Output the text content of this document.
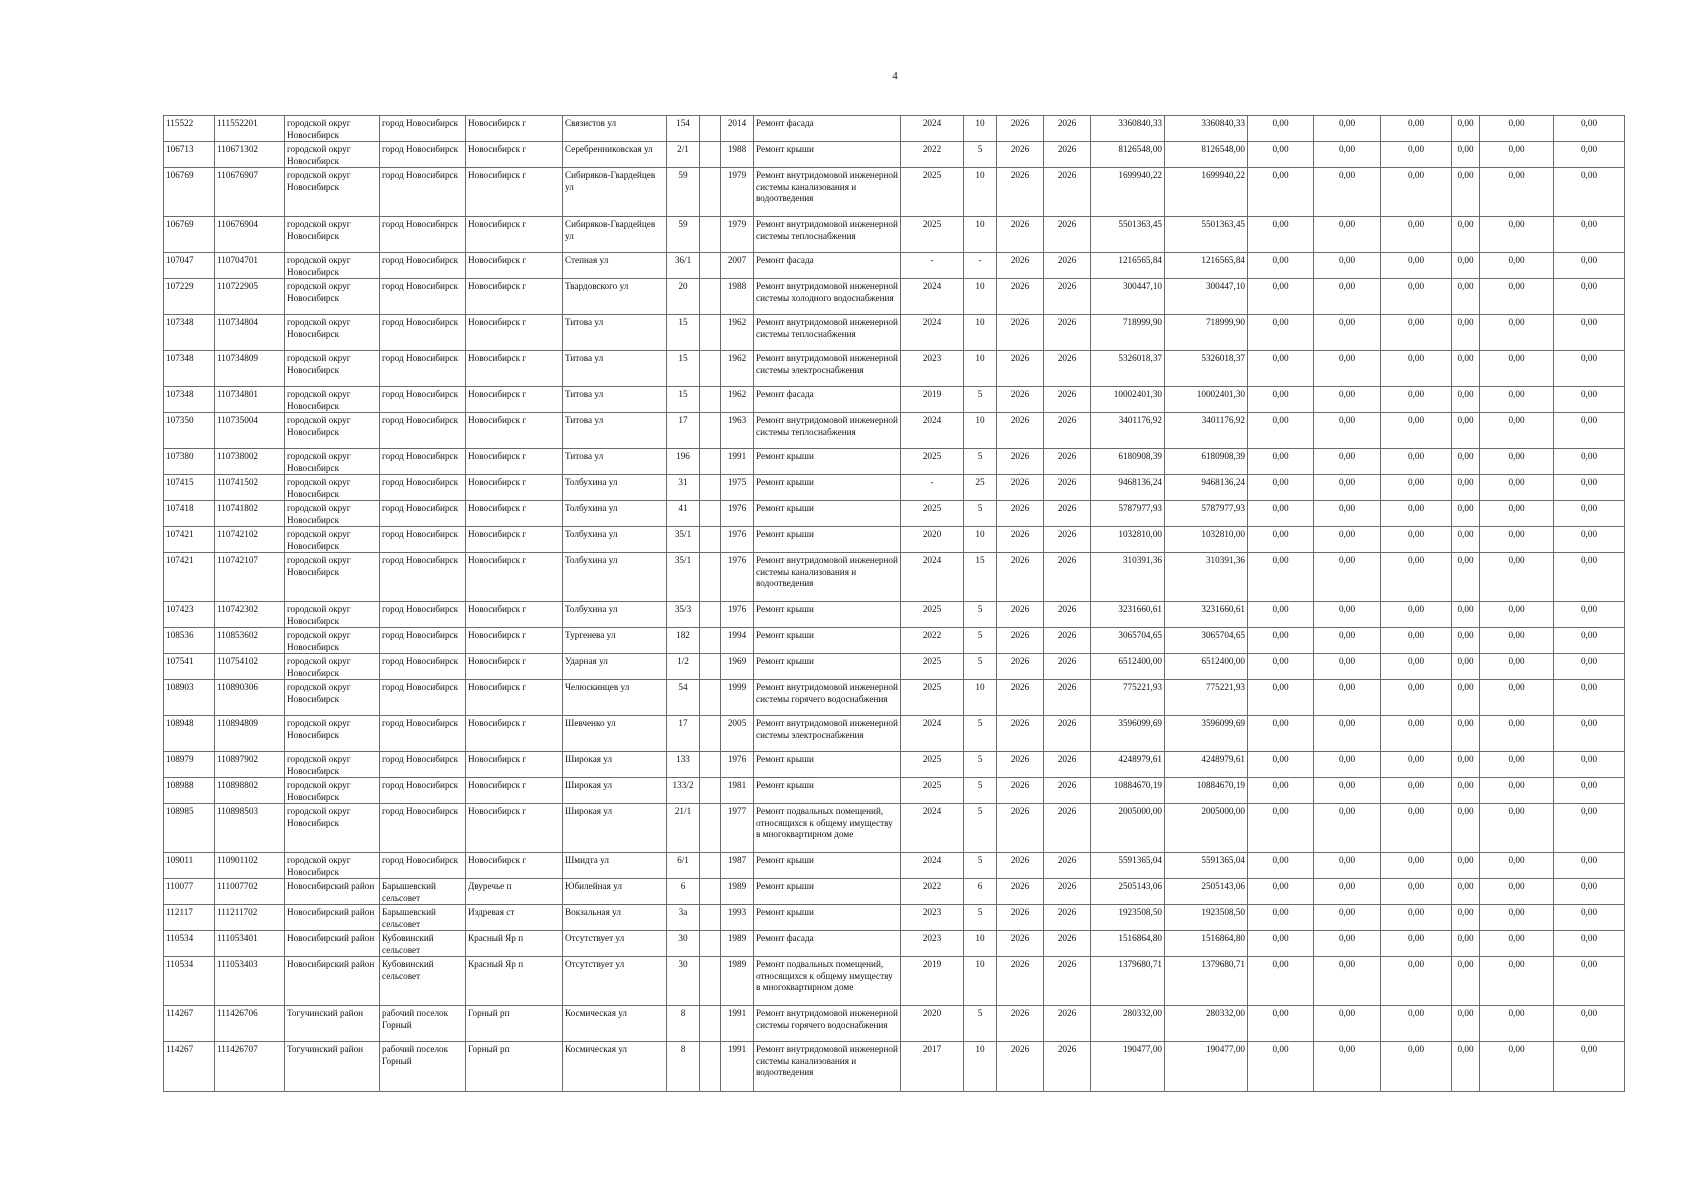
4
115522	111552201	городской округ Новосибирск	город Новосибирск	Новосибирск г	Связистов ул	154		2014	Ремонт фасада	2024	10	2026	2026	3360840,33	3360840,33	0,00	0,00	0,00	0,00	0,00	0,00
106713	110671302	городской округ Новосибирск	город Новосибирск	Новосибирск г	Серебренниковская ул	2/1		1988	Ремонт крыши	2022	5	2026	2026	8126548,00	8126548,00	0,00	0,00	0,00	0,00	0,00	0,00
106769	110676907	городской округ Новосибирск	город Новосибирск	Новосибирск г	Сибиряков-Гвардейцев ул	59		1979	Ремонт внутридомовой инженерной системы канализования и водоотведения	2025	10	2026	2026	1699940,22	1699940,22	0,00	0,00	0,00	0,00	0,00	0,00
106769	110676904	городской округ Новосибирск	город Новосибирск	Новосибирск г	Сибиряков-Гвардейцев ул	59		1979	Ремонт внутридомовой инженерной системы теплоснабжения	2025	10	2026	2026	5501363,45	5501363,45	0,00	0,00	0,00	0,00	0,00	0,00
107047	110704701	городской округ Новосибирск	город Новосибирск	Новосибирск г	Степная ул	36/1		2007	Ремонт фасада	-	-	2026	2026	1216565,84	1216565,84	0,00	0,00	0,00	0,00	0,00	0,00
107229	110722905	городской округ Новосибирск	город Новосибирск	Новосибирск г	Твардовского ул	20		1988	Ремонт внутридомовой инженерной системы холодного водоснабжения	2024	10	2026	2026	300447,10	300447,10	0,00	0,00	0,00	0,00	0,00	0,00
107348	110734804	городской округ Новосибирск	город Новосибирск	Новосибирск г	Титова ул	15		1962	Ремонт внутридомовой инженерной системы теплоснабжения	2024	10	2026	2026	718999,90	718999,90	0,00	0,00	0,00	0,00	0,00	0,00
107348	110734809	городской округ Новосибирск	город Новосибирск	Новосибирск г	Титова ул	15		1962	Ремонт внутридомовой инженерной системы электроснабжения	2023	10	2026	2026	5326018,37	5326018,37	0,00	0,00	0,00	0,00	0,00	0,00
107348	110734801	городской округ Новосибирск	город Новосибирск	Новосибирск г	Титова ул	15		1962	Ремонт фасада	2019	5	2026	2026	10002401,30	10002401,30	0,00	0,00	0,00	0,00	0,00	0,00
107350	110735004	городской округ Новосибирск	город Новосибирск	Новосибирск г	Титова ул	17		1963	Ремонт внутридомовой инженерной системы теплоснабжения	2024	10	2026	2026	3401176,92	3401176,92	0,00	0,00	0,00	0,00	0,00	0,00
107380	110738002	городской округ Новосибирск	город Новосибирск	Новосибирск г	Титова ул	196		1991	Ремонт крыши	2025	5	2026	2026	6180908,39	6180908,39	0,00	0,00	0,00	0,00	0,00	0,00
107415	110741502	городской округ Новосибирск	город Новосибирск	Новосибирск г	Толбухина ул	31		1975	Ремонт крыши	-	25	2026	2026	9468136,24	9468136,24	0,00	0,00	0,00	0,00	0,00	0,00
107418	110741802	городской округ Новосибирск	город Новосибирск	Новосибирск г	Толбухина ул	41		1976	Ремонт крыши	2025	5	2026	2026	5787977,93	5787977,93	0,00	0,00	0,00	0,00	0,00	0,00
107421	110742102	городской округ Новосибирск	город Новосибирск	Новосибирск г	Толбухина ул	35/1		1976	Ремонт крыши	2020	10	2026	2026	1032810,00	1032810,00	0,00	0,00	0,00	0,00	0,00	0,00
107421	110742107	городской округ Новосибирск	город Новосибирск	Новосибирск г	Толбухина ул	35/1		1976	Ремонт внутридомовой инженерной системы канализования и водоотведения	2024	15	2026	2026	310391,36	310391,36	0,00	0,00	0,00	0,00	0,00	0,00
107423	110742302	городской округ Новосибирск	город Новосибирск	Новосибирск г	Толбухина ул	35/3		1976	Ремонт крыши	2025	5	2026	2026	3231660,61	3231660,61	0,00	0,00	0,00	0,00	0,00	0,00
108536	110853602	городской округ Новосибирск	город Новосибирск	Новосибирск г	Тургенева ул	182		1994	Ремонт крыши	2022	5	2026	2026	3065704,65	3065704,65	0,00	0,00	0,00	0,00	0,00	0,00
107541	110754102	городской округ Новосибирск	город Новосибирск	Новосибирск г	Ударная ул	1/2		1969	Ремонт крыши	2025	5	2026	2026	6512400,00	6512400,00	0,00	0,00	0,00	0,00	0,00	0,00
108903	110890306	городской округ Новосибирск	город Новосибирск	Новосибирск г	Челюскинцев ул	54		1999	Ремонт внутридомовой инженерной системы горячего водоснабжения	2025	10	2026	2026	775221,93	775221,93	0,00	0,00	0,00	0,00	0,00	0,00
108948	110894809	городской округ Новосибирск	город Новосибирск	Новосибирск г	Шевченко ул	17		2005	Ремонт внутридомовой инженерной системы электроснабжения	2024	5	2026	2026	3596099,69	3596099,69	0,00	0,00	0,00	0,00	0,00	0,00
108979	110897902	городской округ Новосибирск	город Новосибирск	Новосибирск г	Широкая ул	133		1976	Ремонт крыши	2025	5	2026	2026	4248979,61	4248979,61	0,00	0,00	0,00	0,00	0,00	0,00
108988	110898802	городской округ Новосибирск	город Новосибирск	Новосибирск г	Широкая ул	133/2		1981	Ремонт крыши	2025	5	2026	2026	10884670,19	10884670,19	0,00	0,00	0,00	0,00	0,00	0,00
108985	110898503	городской округ Новосибирск	город Новосибирск	Новосибирск г	Широкая ул	21/1		1977	Ремонт подвальных помещений, относящихся к общему имуществу в многоквартирном доме	2024	5	2026	2026	2005000,00	2005000,00	0,00	0,00	0,00	0,00	0,00	0,00
109011	110901102	городской округ Новосибирск	город Новосибирск	Новосибирск г	Шмидта ул	6/1		1987	Ремонт крыши	2024	5	2026	2026	5591365,04	5591365,04	0,00	0,00	0,00	0,00	0,00	0,00
110077	111007702	Новосибирский район	Барышевский сельсовет	Двуречье п	Юбилейная ул	6		1989	Ремонт крыши	2022	6	2026	2026	2505143,06	2505143,06	0,00	0,00	0,00	0,00	0,00	0,00
112117	111211702	Новосибирский район	Барышевский сельсовет	Издревая ст	Вокзальная ул	3а		1993	Ремонт крыши	2023	5	2026	2026	1923508,50	1923508,50	0,00	0,00	0,00	0,00	0,00	0,00
110534	111053401	Новосибирский район	Кубовинский сельсовет	Красный Яр п	Отсутствует ул	30		1989	Ремонт фасада	2023	10	2026	2026	1516864,80	1516864,80	0,00	0,00	0,00	0,00	0,00	0,00
110534	111053403	Новосибирский район	Кубовинский сельсовет	Красный Яр п	Отсутствует ул	30		1989	Ремонт подвальных помещений, относящихся к общему имуществу в многоквартирном доме	2019	10	2026	2026	1379680,71	1379680,71	0,00	0,00	0,00	0,00	0,00	0,00
114267	111426706	Тогучинский район	рабочий поселок Горный	Горный рп	Космическая ул	8		1991	Ремонт внутридомовой инженерной системы горячего водоснабжения	2020	5	2026	2026	280332,00	280332,00	0,00	0,00	0,00	0,00	0,00	0,00
114267	111426707	Тогучинский район	рабочий поселок Горный	Горный рп	Космическая ул	8		1991	Ремонт внутридомовой инженерной системы канализования и водоотведения	2017	10	2026	2026	190477,00	190477,00	0,00	0,00	0,00	0,00	0,00	0,00
